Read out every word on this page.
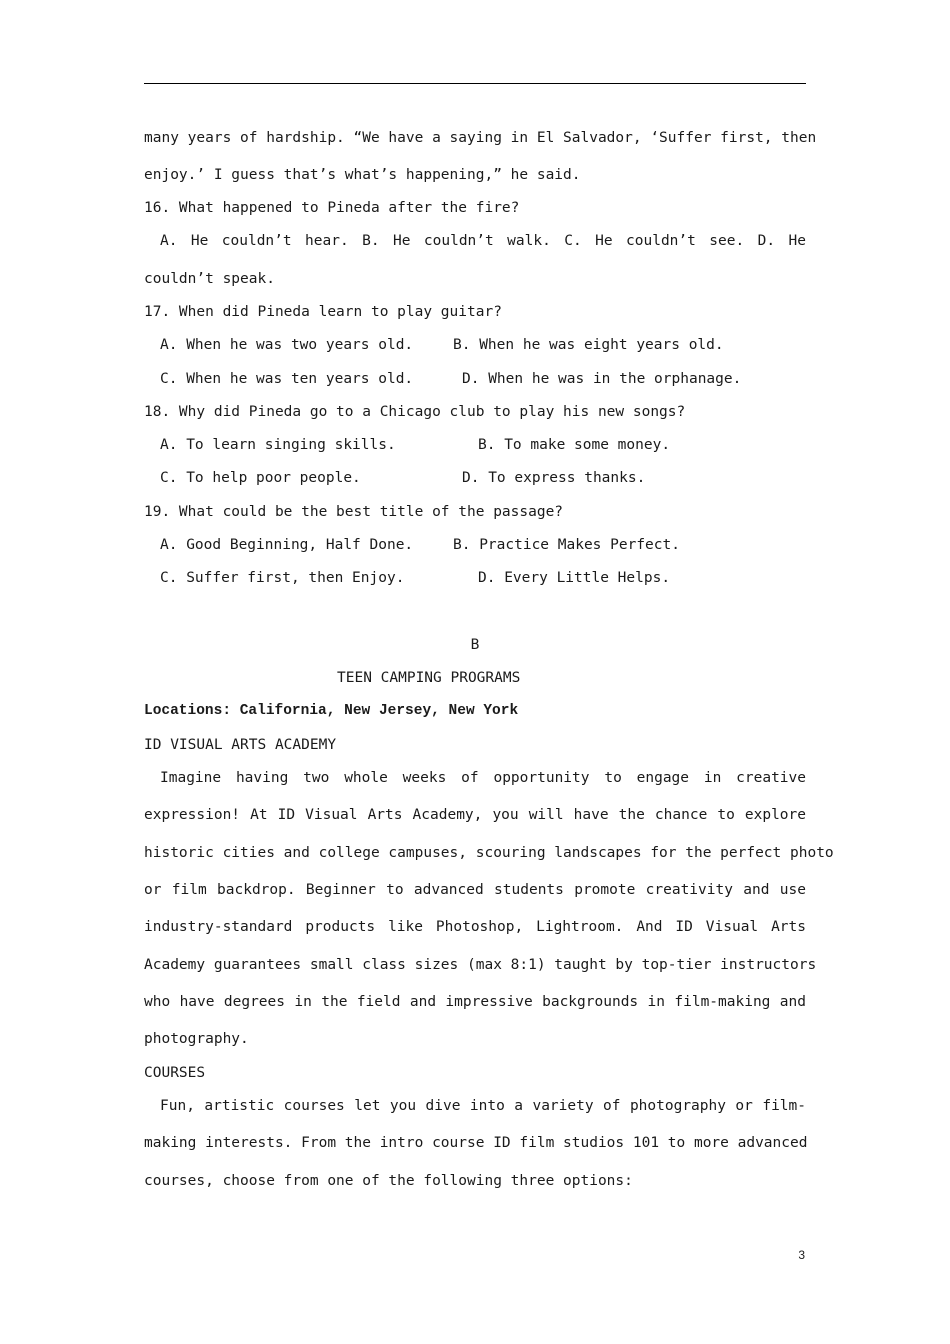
many years of hardship. “We have a saying in El Salvador, ‘Suffer first, then
enjoy.’ I guess that’s what’s happening,” he said.
16. What happened to Pineda after the fire?
A. He couldn’t hear. B. He couldn’t walk. C. He couldn’t see. D. He
couldn’t speak.
17. When did Pineda learn to play guitar?
A. When he was two years old.	B. When he was eight years old.
C. When he was ten years old.	D. When he was in the orphanage.
18. Why did Pineda go to a Chicago club to play his new songs?
A. To learn singing skills.	B. To make some money.
C. To help poor people.	D. To express thanks.
19. What could be the best title of the passage?
A. Good Beginning, Half Done.	B. Practice Makes Perfect.
C. Suffer first, then Enjoy.	D. Every Little Helps.
B
TEEN CAMPING PROGRAMS
Locations: California, New Jersey, New York
ID VISUAL ARTS ACADEMY
Imagine having two whole weeks of opportunity to engage in creative
expression! At ID Visual Arts Academy, you will have the chance to explore
historic cities and college campuses, scouring landscapes for the perfect photo
or film backdrop. Beginner to advanced students promote creativity and use
industry-standard products like Photoshop, Lightroom. And ID Visual Arts
Academy guarantees small class sizes (max 8:1) taught by top-tier instructors
who have degrees in the field and impressive backgrounds in film-making and
photography.
COURSES
Fun, artistic courses let you dive into a variety of photography or film-
making interests. From the intro course ID film studios 101 to more advanced
courses, choose from one of the following three options:
3
